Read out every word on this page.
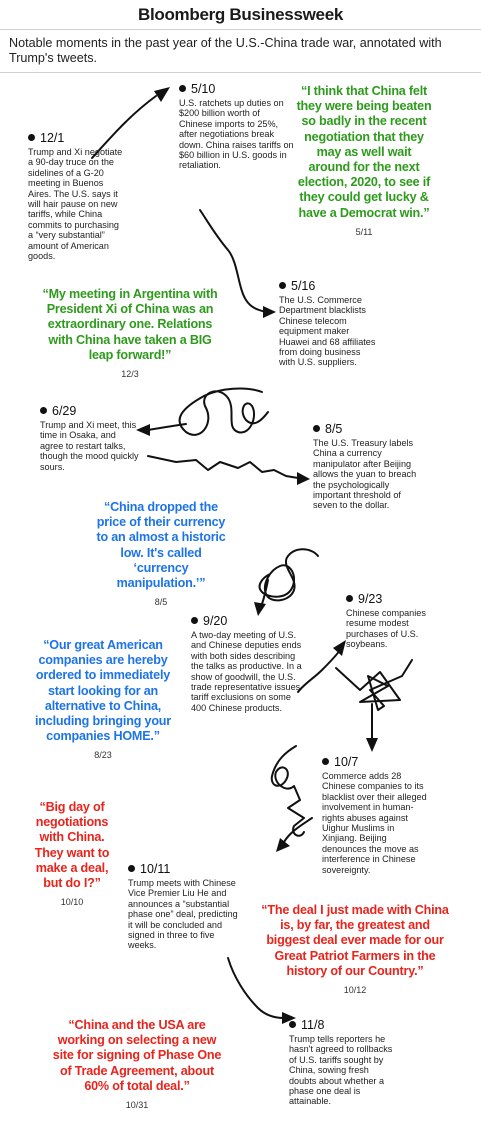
Bloomberg Businessweek
Notable moments in the past year of the U.S.-China trade war, annotated with Trump's tweets.
12/1
Trump and Xi negotiate a 90-day truce on the sidelines of a G-20 meeting in Buenos Aires. The U.S. says it will hair pause on new tariffs, while China commits to purchasing a “very substantial” amount of American goods.
5/10
U.S. ratchets up duties on $200 billion worth of Chinese imports to 25%, after negotiations break down. China raises tariffs on $60 billion in U.S. goods in retaliation.
5/16
The U.S. Commerce Department blacklists Chinese telecom equipment maker Huawei and 68 affiliates from doing business with U.S. suppliers.
6/29
Trump and Xi meet, this time in Osaka, and agree to restart talks, though the mood quickly sours.
8/5
The U.S. Treasury labels China a currency manipulator after Beijing allows the yuan to breach the psychologically important threshold of seven to the dollar.
9/20
A two-day meeting of U.S. and Chinese deputies ends with both sides describing the talks as productive. In a show of goodwill, the U.S. trade representative issues tariff exclusions on some 400 Chinese products.
9/23
Chinese companies resume modest purchases of U.S. soybeans.
10/7
Commerce adds 28 Chinese companies to its blacklist over their alleged involvement in human-rights abuses against Uighur Muslims in Xinjiang. Beijing denounces the move as interference in Chinese sovereignty.
10/11
Trump meets with Chinese Vice Premier Liu He and announces a “substantial phase one” deal, predicting it will be concluded and signed in three to five weeks.
11/8
Trump tells reporters he hasn't agreed to rollbacks of U.S. tariffs sought by China, sowing fresh doubts about whether a phase one deal is attainable.
“I think that China felt they were being beaten so badly in the recent negotiation that they may as well wait around for the next election, 2020, to see if they could get lucky & have a Democrat win.”
5/11
“My meeting in Argentina with President Xi of China was an extraordinary one. Relations with China have taken a BIG leap forward!”
12/3
“China dropped the price of their currency to an almost a historic low. It's called ‘currency manipulation.’”
8/5
“Our great American companies are hereby ordered to immediately start looking for an alternative to China, including bringing your companies HOME.”
8/23
“Big day of negotiations with China. They want to make a deal, but do I?”
10/10
“The deal I just made with China is, by far, the greatest and biggest deal ever made for our Great Patriot Farmers in the history of our Country.”
10/12
“China and the USA are working on selecting a new site for signing of Phase One of Trade Agreement, about 60% of total deal.”
10/31
